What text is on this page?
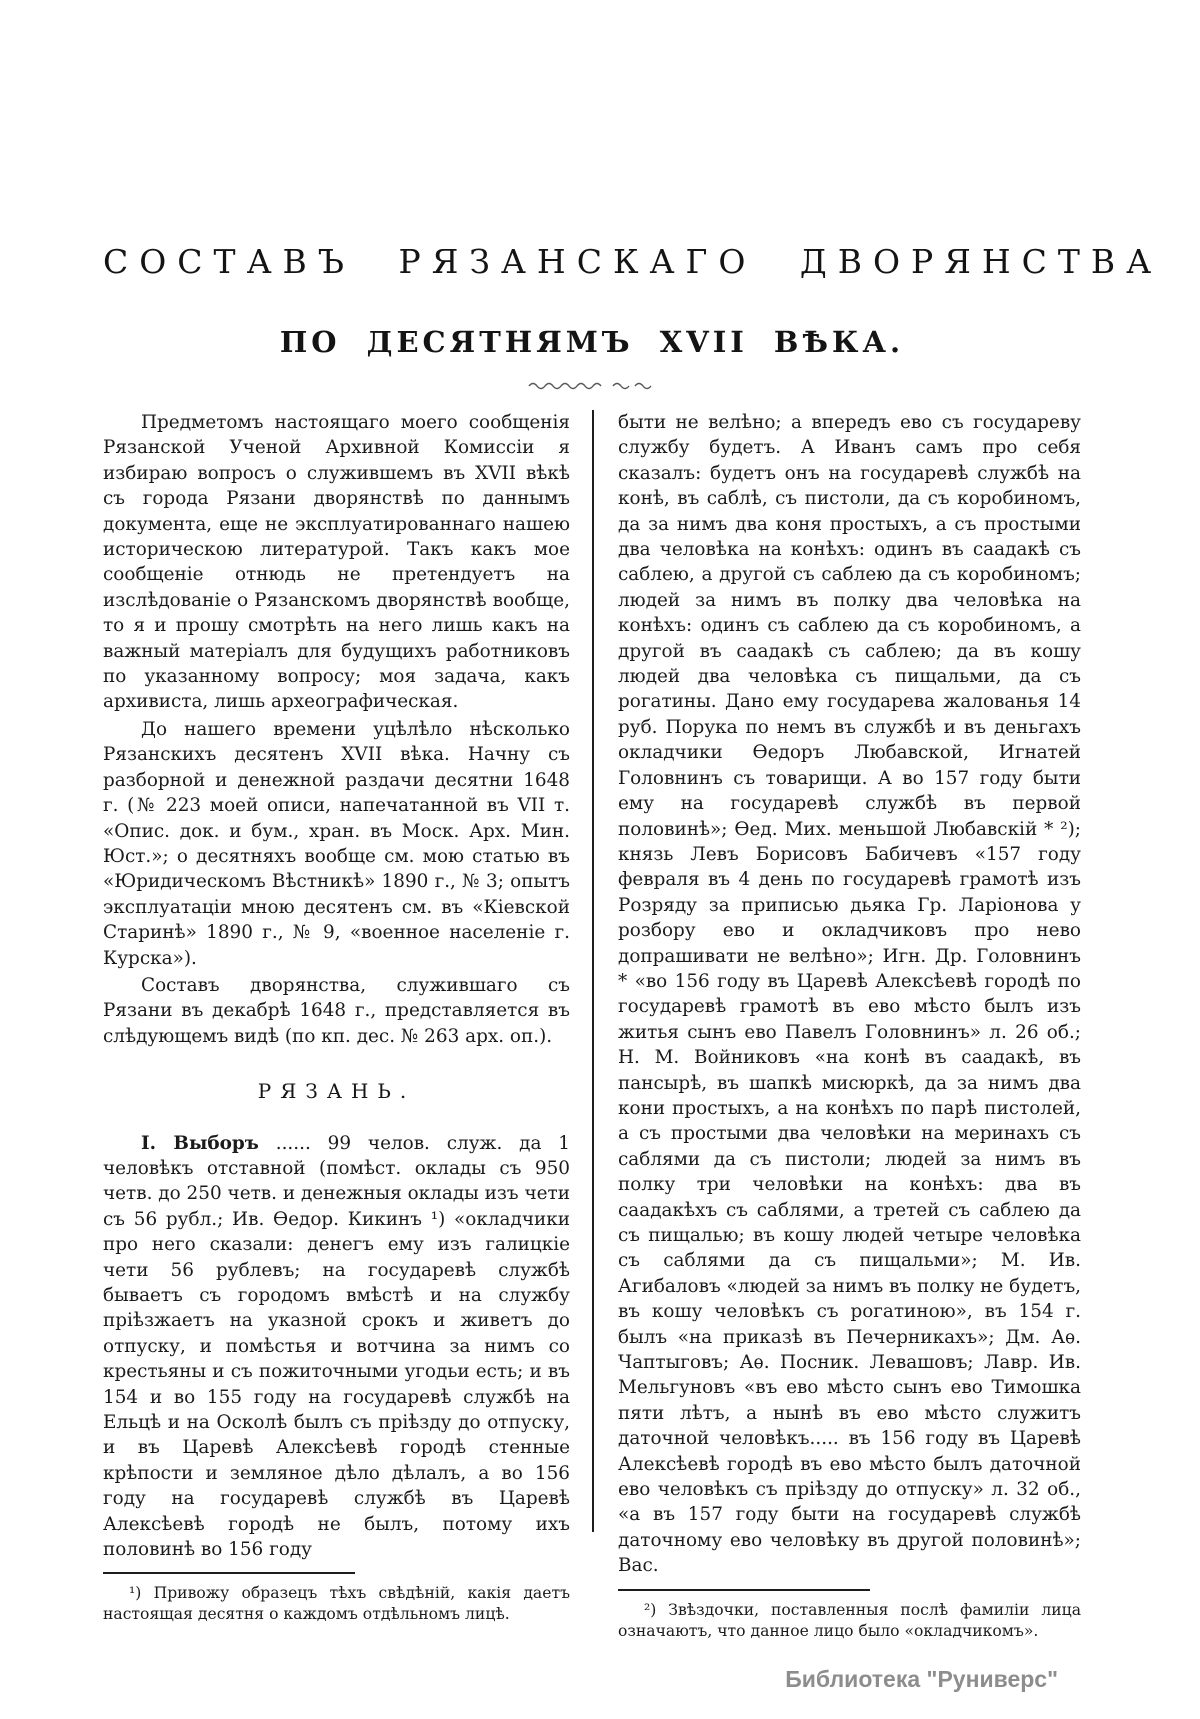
СОСТАВЪ РЯЗАНСКАГО ДВОРЯНСТВА
ПО ДЕСЯТНЯМЪ XVII ВѢКА.

Предметомъ настоящаго моего сообщенія Рязанской Ученой Архивной Комиссіи я избираю вопросъ о служившемъ въ XVII вѣкѣ съ города Рязани дворянствѣ по даннымъ документа, еще не эксплуатированнаго нашею историческою литературой. Такъ какъ мое сообщеніе отнюдь не претендуетъ на изслѣдованіе о Рязанскомъ дворянствѣ вообще, то я и прошу смотрѣть на него лишь какъ на важный матеріалъ для будущихъ работниковъ по указанному вопросу; моя задача, какъ архивиста, лишь археографическая.

До нашего времени уцѣлѣло нѣсколько Рязанскихъ десятенъ XVII вѣка. Начну съ разборной и денежной раздачи десятни 1648 г. (№ 223 моей описи, напечатанной въ VII т. «Опис. док. и бум., хран. въ Моск. Арх. Мин. Юст.»; о десятняхъ вообще см. мою статью въ «Юридическомъ Вѣстникѣ» 1890 г., № 3; опытъ эксплуатаціи мною десятенъ см. въ «Кіевской Старинѣ» 1890 г., № 9, «военное населеніе г. Курска»).

Составъ дворянства, служившаго съ Рязани въ декабрѣ 1648 г., представляется въ слѣдующемъ видѣ (по кп. дес. № 263 арх. оп.).

РЯЗАНЬ.

І. Выборъ ...... 99 челов. служ. да 1 человѣкъ отставной (помѣст. оклады съ 950 четв. до 250 четв. и денежныя оклады изъ чети съ 56 рубл.; Ив. Ѳедор. Кикинъ ¹) «окладчики про него сказали: денегъ ему изъ галицкіе чети 56 рублевъ; на государевѣ службѣ бываетъ съ городомъ вмѣстѣ и на службу пріѣзжаетъ на указной срокъ и живетъ до отпуску, и помѣстья и вотчина за нимъ со крестьяны и съ пожиточными угодьи есть; и въ 154 и во 155 году на государевѣ службѣ на Ельцѣ и на Осколѣ былъ съ пріѣзду до отпуску, и въ Царевѣ Алексѣевѣ городѣ стенные крѣпости и земляное дѣло дѣлалъ, а во 156 году на государевѣ службѣ въ Царевѣ Алексѣевѣ городѣ не былъ, потому ихъ половинѣ во 156 году

¹) Привожу образецъ тѣхъ свѣдѣній, какія даетъ настоящая десятня о каждомъ отдѣльномъ лицѣ.

быти не велѣно; а впередъ ево съ государеву службу будетъ. А Иванъ самъ про себя сказалъ: будетъ онъ на государевѣ службѣ на конѣ, въ саблѣ, съ пистоли, да съ коробиномъ, да за нимъ два коня простыхъ, а съ простыми два человѣка на конѣхъ: одинъ въ саадакѣ съ саблею, а другой съ саблею да съ коробиномъ; людей за нимъ въ полку два человѣка на конѣхъ: одинъ съ саблею да съ коробиномъ, а другой въ саадакѣ съ саблею; да въ кошу людей два человѣка съ пищальми, да съ рогатины. Дано ему государева жалованья 14 руб. Порука по немъ въ службѣ и въ деньгахъ окладчики Ѳедоръ Любавской, Игнатей Головнинъ съ товарищи. А во 157 году быти ему на государевѣ службѣ въ первой половинѣ»; Ѳед. Мих. меньшой Любавскій * ²); князь Левъ Борисовъ Бабичевъ «157 году февраля въ 4 день по государевѣ грамотѣ изъ Розряду за приписью дьяка Гр. Ларіонова у розбору ево и окладчиковъ про нево допрашивати не велѣно»; Игн. Др. Головнинъ * «во 156 году въ Царевѣ Алексѣевѣ городѣ по государевѣ грамотѣ въ ево мѣсто былъ изъ житья сынъ ево Павелъ Головнинъ» л. 26 об.; Н. М. Войниковъ «на конѣ въ саадакѣ, въ пансырѣ, въ шапкѣ мисюркѣ, да за нимъ два кони простыхъ, а на конѣхъ по парѣ пистолей, а съ простыми два человѣки на меринахъ съ саблями да съ пистоли; людей за нимъ въ полку три человѣки на конѣхъ: два въ саадакѣхъ съ саблями, а третей съ саблею да съ пищалью; въ кошу людей четыре человѣка съ саблями да съ пищальми»; М. Ив. Агибаловъ «людей за нимъ въ полку не будетъ, въ кошу человѣкъ съ рогатиною», въ 154 г. былъ «на приказѣ въ Печерникахъ»; Дм. Аѳ. Чаптыговъ; Аѳ. Посник. Левашовъ; Лавр. Ив. Мельгуновъ «въ ево мѣсто сынъ ево Тимошка пяти лѣтъ, а нынѣ въ ево мѣсто служитъ даточной человѣкъ..... въ 156 году въ Царевѣ Алексѣевѣ городѣ въ ево мѣсто былъ даточной ево человѣкъ съ пріѣзду до отпуску» л. 32 об., «а въ 157 году быти на государевѣ службѣ даточному ево человѣку въ другой половинѣ»; Вас.

²) Звѣздочки, поставленныя послѣ фамиліи лица означаютъ, что данное лицо было «окладчикомъ».
Библиотека "Руниверс"
